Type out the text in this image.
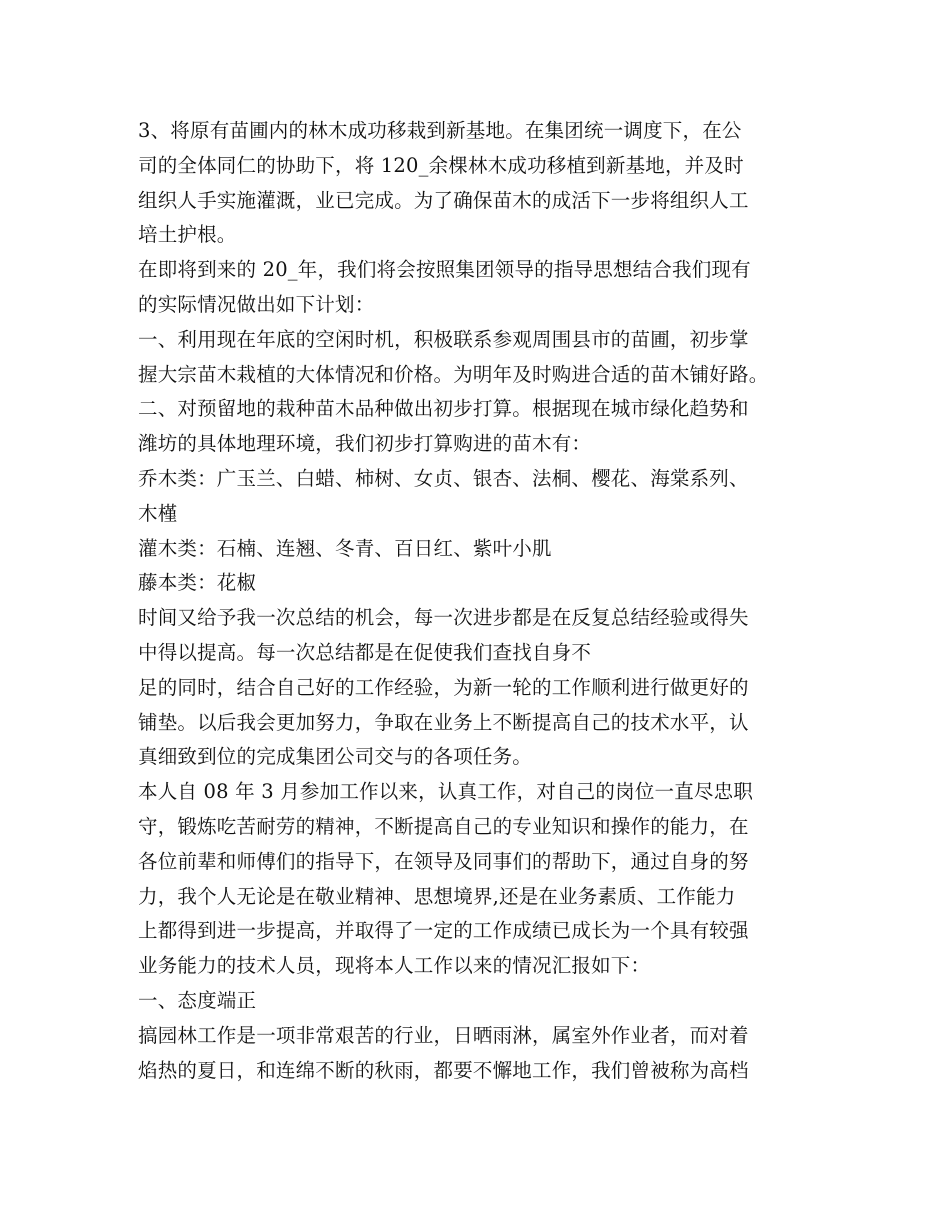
3、将原有苗圃内的林木成功移栽到新基地。在集团统一调度下，在公
司的全体同仁的协助下，将 120_余棵林木成功移植到新基地，并及时
组织人手实施灌溉，业已完成。为了确保苗木的成活下一步将组织人工
培土护根。
在即将到来的 20_年，我们将会按照集团领导的指导思想结合我们现有
的实际情况做出如下计划：
一、利用现在年底的空闲时机，积极联系参观周围县市的苗圃，初步掌
握大宗苗木栽植的大体情况和价格。为明年及时购进合适的苗木铺好路。
二、对预留地的栽种苗木品种做出初步打算。根据现在城市绿化趋势和
潍坊的具体地理环境，我们初步打算购进的苗木有：
乔木类：广玉兰、白蜡、柿树、女贞、银杏、法桐、樱花、海棠系列、
木槿
灌木类：石楠、连翘、冬青、百日红、紫叶小肌
藤本类：花椒
时间又给予我一次总结的机会，每一次进步都是在反复总结经验或得失
中得以提高。每一次总结都是在促使我们查找自身不
足的同时，结合自己好的工作经验，为新一轮的工作顺利进行做更好的
铺垫。以后我会更加努力，争取在业务上不断提高自己的技术水平，认
真细致到位的完成集团公司交与的各项任务。
本人自 08 年 3 月参加工作以来，认真工作，对自己的岗位一直尽忠职
守，锻炼吃苦耐劳的精神，不断提高自己的专业知识和操作的能力，在
各位前辈和师傅们的指导下，在领导及同事们的帮助下，通过自身的努
力，我个人无论是在敬业精神、思想境界,还是在业务素质、工作能力
上都得到进一步提高，并取得了一定的工作成绩已成长为一个具有较强
业务能力的技术人员，现将本人工作以来的情况汇报如下：
一、态度端正
搞园林工作是一项非常艰苦的行业，日晒雨淋，属室外作业者，而对着
焰热的夏日，和连绵不断的秋雨，都要不懈地工作，我们曾被称为高档
